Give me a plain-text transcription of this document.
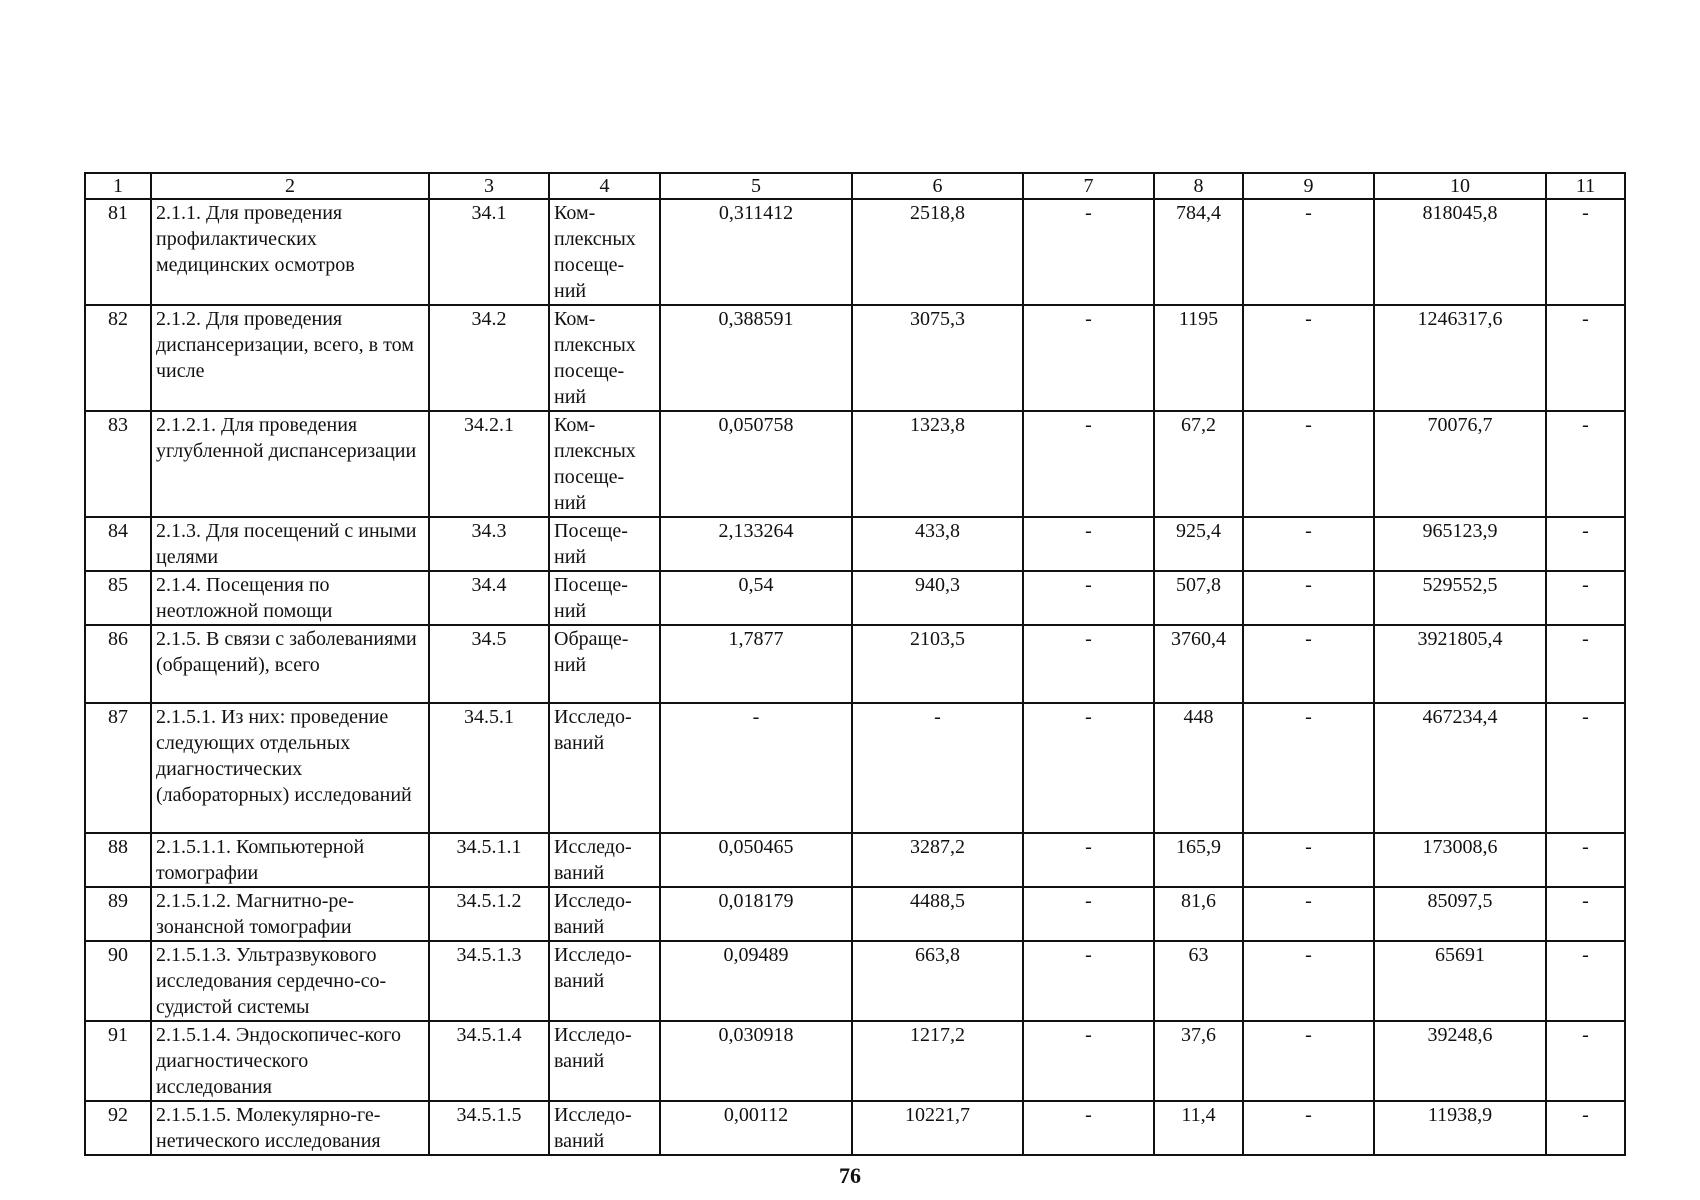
1	2	3	4	5	6	7	8	9	10	11
81	2.1.1. Для проведения профилактических медицинских осмотров	34.1	Ком-плексных посеще-ний	0,311412	2518,8	-	784,4	-	818045,8	-
82	2.1.2. Для проведения диспансеризации, всего, в том числе	34.2	Ком-плексных посеще-ний	0,388591	3075,3	-	1195	-	1246317,6	-
83	2.1.2.1. Для проведения углубленной диспансеризации	34.2.1	Ком-плексных посеще-ний	0,050758	1323,8	-	67,2	-	70076,7	-
84	2.1.3. Для посещений с иными целями	34.3	Посеще-ний	2,133264	433,8	-	925,4	-	965123,9	-
85	2.1.4. Посещения по неотложной помощи	34.4	Посеще-ний	0,54	940,3	-	507,8	-	529552,5	-
86	2.1.5. В связи с заболеваниями (обращений), всего	34.5	Обраще-ний	1,7877	2103,5	-	3760,4	-	3921805,4	-
87	2.1.5.1. Из них: проведение следующих отдельных диагностических (лабораторных) исследований	34.5.1	Исследо-ваний	-	-	-	448	-	467234,4	-
88	2.1.5.1.1. Компьютерной томографии	34.5.1.1	Исследо-ваний	0,050465	3287,2	-	165,9	-	173008,6	-
89	2.1.5.1.2. Магнитно-ре-зонансной томографии	34.5.1.2	Исследо-ваний	0,018179	4488,5	-	81,6	-	85097,5	-
90	2.1.5.1.3. Ультразвукового исследования сердечно-со-судистой системы	34.5.1.3	Исследо-ваний	0,09489	663,8	-	63	-	65691	-
91	2.1.5.1.4. Эндоскопичес-кого диагностического исследования	34.5.1.4	Исследо-ваний	0,030918	1217,2	-	37,6	-	39248,6	-
92	2.1.5.1.5. Молекулярно-ге-нетического исследования	34.5.1.5	Исследо-ваний	0,00112	10221,7	-	11,4	-	11938,9	-
76
